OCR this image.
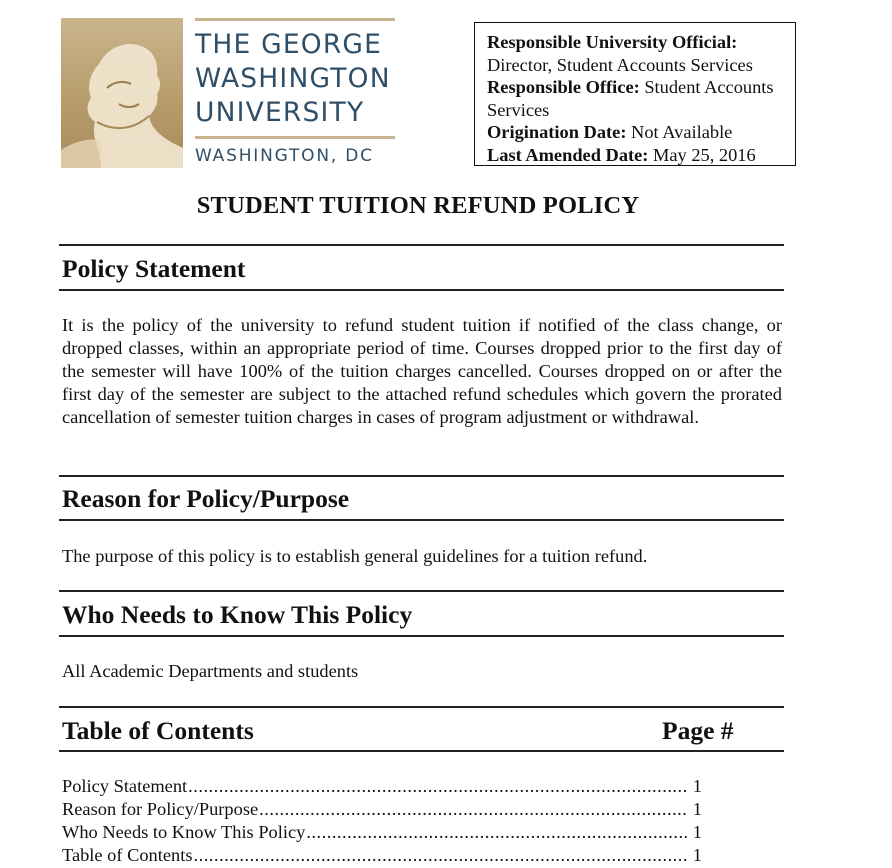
THE GEORGE
WASHINGTON
UNIVERSITY
WASHINGTON, DC
Responsible University Official:
Director, Student Accounts Services
Responsible Office: Student Accounts Services
Origination Date: Not Available
Last Amended Date: May 25, 2016
STUDENT TUITION REFUND POLICY
Policy Statement
It is the policy of the university to refund student tuition if notified of the class change, or dropped classes, within an appropriate period of time. Courses dropped prior to the first day of the semester will have 100% of the tuition charges cancelled. Courses dropped on or after the first day of the semester are subject to the attached refund schedules which govern the prorated cancellation of semester tuition charges in cases of program adjustment or withdrawal.
Reason for Policy/Purpose
The purpose of this policy is to establish general guidelines for a tuition refund.
Who Needs to Know This Policy
All Academic Departments and students
Table of Contents	Page #
Policy Statement .....	1
Reason for Policy/Purpose .....	1
Who Needs to Know This Policy .....	1
Table of Contents .....	1
